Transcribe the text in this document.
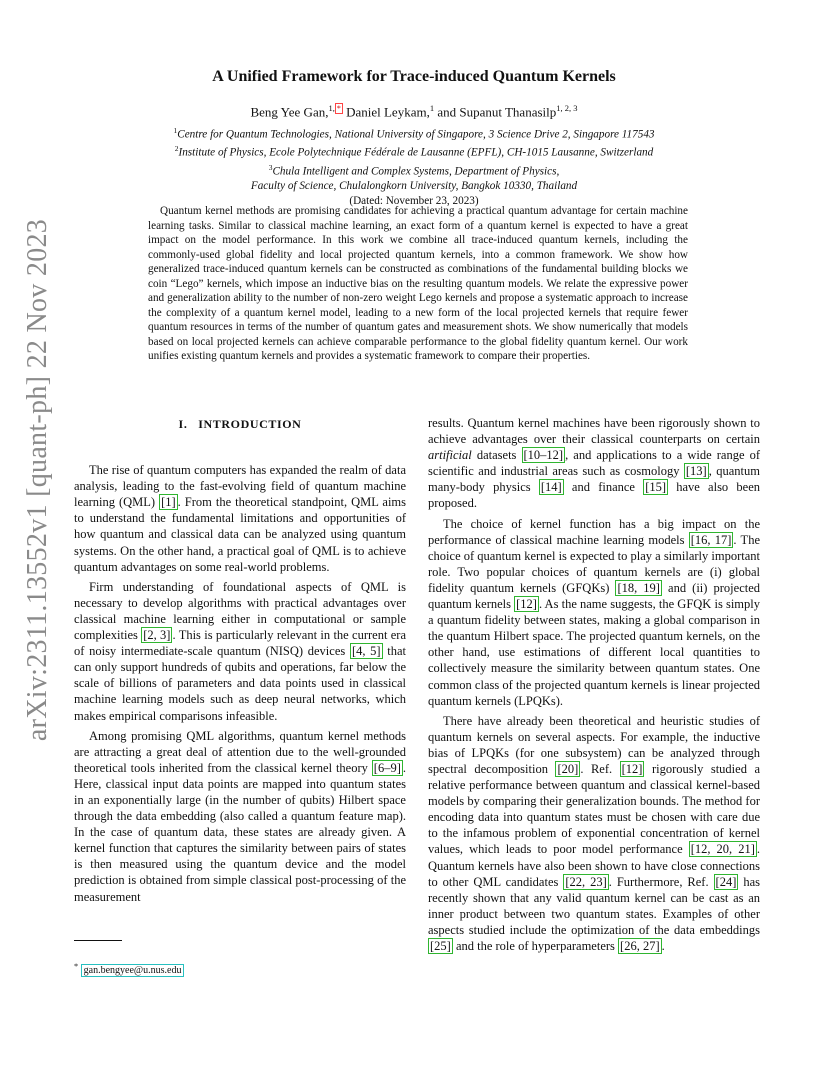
arXiv:2311.13552v1 [quant-ph] 22 Nov 2023
A Unified Framework for Trace-induced Quantum Kernels
Beng Yee Gan,$^{1,}$ * Daniel Leykam,$^1$ and Supanut Thanasilp$^{1, 2, 3}$
$^1$Centre for Quantum Technologies, National University of Singapore, 3 Science Drive 2, Singapore 117543
$^2$Institute of Physics, Ecole Polytechnique Fédérale de Lausanne (EPFL), CH-1015 Lausanne, Switzerland
$^3$Chula Intelligent and Complex Systems, Department of Physics,
Faculty of Science, Chulalongkorn University, Bangkok 10330, Thailand
(Dated: November 23, 2023)
Quantum kernel methods are promising candidates for achieving a practical quantum advantage for certain machine learning tasks. Similar to classical machine learning, an exact form of a quantum kernel is expected to have a great impact on the model performance. In this work we combine all trace-induced quantum kernels, including the commonly-used global fidelity and local projected quantum kernels, into a common framework. We show how generalized trace-induced quantum kernels can be constructed as combinations of the fundamental building blocks we coin “Lego” kernels, which impose an inductive bias on the resulting quantum models. We relate the expressive power and generalization ability to the number of non-zero weight Lego kernels and propose a systematic approach to increase the complexity of a quantum kernel model, leading to a new form of the local projected kernels that require fewer quantum resources in terms of the number of quantum gates and measurement shots. We show numerically that models based on local projected kernels can achieve comparable performance to the global fidelity quantum kernel. Our work unifies existing quantum kernels and provides a systematic framework to compare their properties.
I. INTRODUCTION

The rise of quantum computers has expanded the realm of data analysis, leading to the fast-evolving field of quantum machine learning (QML) [1] . From the theoretical standpoint, QML aims to understand the fundamental limitations and opportunities of how quantum and classical data can be analyzed using quantum systems. On the other hand, a practical goal of QML is to achieve quantum advantages on some real-world problems.

Firm understanding of foundational aspects of QML is necessary to develop algorithms with practical advantages over classical machine learning either in computational or sample complexities [2, 3] . This is particularly relevant in the current era of noisy intermediate-scale quantum (NISQ) devices [4, 5] that can only support hundreds of qubits and operations, far below the scale of billions of parameters and data points used in classical machine learning models such as deep neural networks, which makes empirical comparisons infeasible.

Among promising QML algorithms, quantum kernel methods are attracting a great deal of attention due to the well-grounded theoretical tools inherited from the classical kernel theory [6–9] . Here, classical input data points are mapped into quantum states in an exponentially large (in the number of qubits) Hilbert space through the data embedding (also called a quantum feature map). In the case of quantum data, these states are already given. A kernel function that captures the similarity between pairs of states is then measured using the quantum device and the model prediction is obtained from simple classical post-processing of the measurement

results. Quantum kernel machines have been rigorously shown to achieve advantages over their classical counterparts on certain artificial datasets [10–12] , and applications to a wide range of scientific and industrial areas such as cosmology [13] , quantum many-body physics [14] and finance [15] have also been proposed.

The choice of kernel function has a big impact on the performance of classical machine learning models [16, 17] . The choice of quantum kernel is expected to play a similarly important role. Two popular choices of quantum kernels are (i) global fidelity quantum kernels (GFQKs) [18, 19] and (ii) projected quantum kernels [12] . As the name suggests, the GFQK is simply a quantum fidelity between states, making a global comparison in the quantum Hilbert space. The projected quantum kernels, on the other hand, use estimations of different local quantities to collectively measure the similarity between quantum states. One common class of the projected quantum kernels is linear projected quantum kernels (LPQKs).

There have already been theoretical and heuristic studies of quantum kernels on several aspects. For example, the inductive bias of LPQKs (for one subsystem) can be analyzed through spectral decomposition [20] . Ref. [12] rigorously studied a relative performance between quantum and classical kernel-based models by comparing their generalization bounds. The method for encoding data into quantum states must be chosen with care due to the infamous problem of exponential concentration of kernel values, which leads to poor model performance [12, 20, 21] . Quantum kernels have also been shown to have close connections to other QML candidates [22, 23] . Furthermore, Ref. [24] has recently shown that any valid quantum kernel can be cast as an inner product between two quantum states. Examples of other aspects studied include the optimization of the data embeddings [25] and the role of hyperparameters [26, 27] .

* gan.bengyee@u.nus.edu
